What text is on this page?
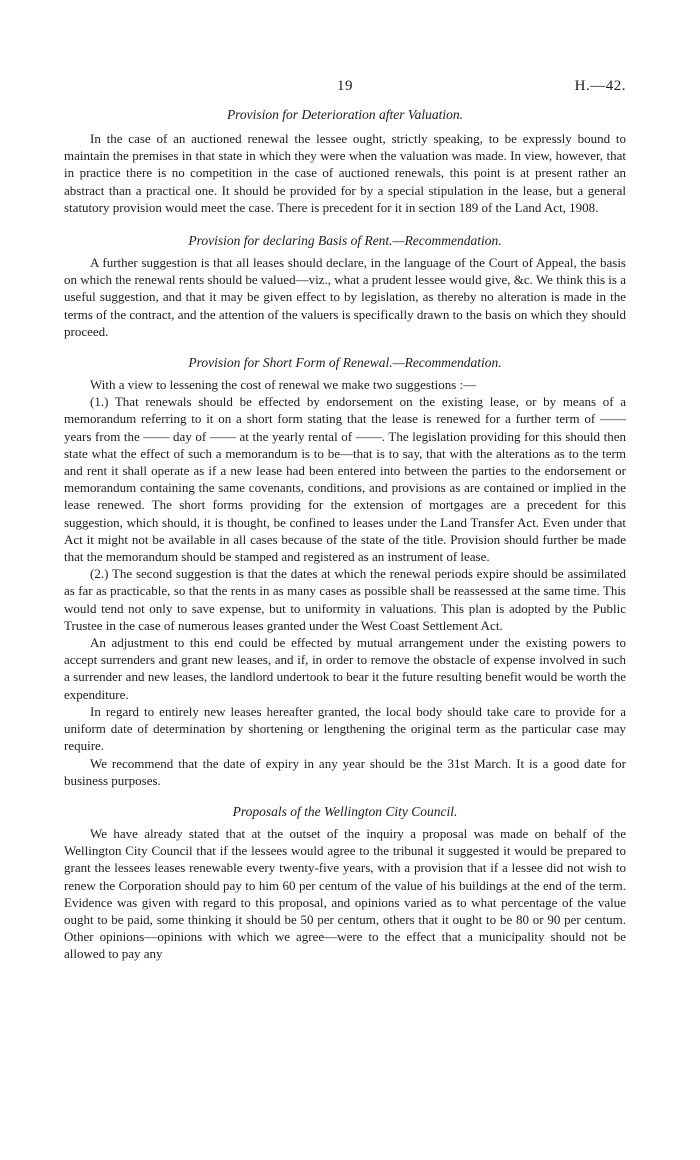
19	H.—42.
Provision for Deterioration after Valuation.

In the case of an auctioned renewal the lessee ought, strictly speaking, to be expressly bound to maintain the premises in that state in which they were when the valuation was made. In view, however, that in practice there is no competition in the case of auctioned renewals, this point is at present rather an abstract than a practical one. It should be provided for by a special stipulation in the lease, but a general statutory provision would meet the case. There is precedent for it in section 189 of the Land Act, 1908.

Provision for declaring Basis of Rent.—Recommendation.

A further suggestion is that all leases should declare, in the language of the Court of Appeal, the basis on which the renewal rents should be valued—viz., what a prudent lessee would give, &c. We think this is a useful suggestion, and that it may be given effect to by legislation, as thereby no alteration is made in the terms of the contract, and the attention of the valuers is specifically drawn to the basis on which they should proceed.

Provision for Short Form of Renewal.—Recommendation.

With a view to lessening the cost of renewal we make two suggestions :—

(1.) That renewals should be effected by endorsement on the existing lease, or by means of a memorandum referring to it on a short form stating that the lease is renewed for a further term of —— years from the —— day of —— at the yearly rental of ——. The legislation providing for this should then state what the effect of such a memorandum is to be—that is to say, that with the alterations as to the term and rent it shall operate as if a new lease had been entered into between the parties to the endorsement or memorandum containing the same covenants, conditions, and provisions as are contained or implied in the lease renewed. The short forms providing for the extension of mortgages are a precedent for this suggestion, which should, it is thought, be confined to leases under the Land Transfer Act. Even under that Act it might not be available in all cases because of the state of the title. Provision should further be made that the memorandum should be stamped and registered as an instrument of lease.

(2.) The second suggestion is that the dates at which the renewal periods expire should be assimilated as far as practicable, so that the rents in as many cases as possible shall be reassessed at the same time. This would tend not only to save expense, but to uniformity in valuations. This plan is adopted by the Public Trustee in the case of numerous leases granted under the West Coast Settlement Act.

An adjustment to this end could be effected by mutual arrangement under the existing powers to accept surrenders and grant new leases, and if, in order to remove the obstacle of expense involved in such a surrender and new leases, the landlord undertook to bear it the future resulting benefit would be worth the expenditure.

In regard to entirely new leases hereafter granted, the local body should take care to provide for a uniform date of determination by shortening or lengthening the original term as the particular case may require.

We recommend that the date of expiry in any year should be the 31st March. It is a good date for business purposes.

Proposals of the Wellington City Council.

We have already stated that at the outset of the inquiry a proposal was made on behalf of the Wellington City Council that if the lessees would agree to the tribunal it suggested it would be prepared to grant the lessees leases renewable every twenty-five years, with a provision that if a lessee did not wish to renew the Corporation should pay to him 60 per centum of the value of his buildings at the end of the term. Evidence was given with regard to this proposal, and opinions varied as to what percentage of the value ought to be paid, some thinking it should be 50 per centum, others that it ought to be 80 or 90 per centum. Other opinions—opinions with which we agree—were to the effect that a municipality should not be allowed to pay any
